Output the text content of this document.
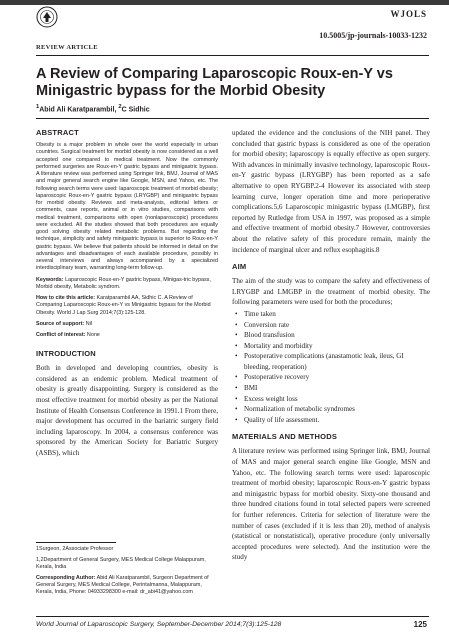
WJOLS
10.5005/jp-journals-10033-1232
REVIEW ARTICLE
A Review of Comparing Laparoscopic Roux-en-Y vs Minigastric bypass for the Morbid Obesity
$^1$Abid Ali Karatparambil, $^2$C Sidhic
ABSTRACT

Obesity is a major problem in whole over the world especially in urban countries. Surgical treatment for morbid obesity is now considered as a well accepted one compared to medical treatment. Now the commonly performed surgeries are Roux-en-Y gastric bypass and minigastric bypass. A literature review was performed using Springer link, BMJ, Journal of MAS and major general search engine like Google, MSN, and Yahoo, etc. The following search terms were used: laparoscopic treatment of morbid obesity; laparoscopic Roux-en-Y gastric bypass (LRYGBP) and minigastric bypass for morbid obesity. Reviews and meta-analysis, editorial letters or comments, case reports, animal or in vitro studies, comparisons with medical treatment, comparisons with open (nonlaparoscopic) procedures were excluded. All the studies showed that both procedures are equally good solving obesity related metabolic problems. But regarding the technique, simplicity and safety minigastric bypass is superior to Roux-en-Y gastric bypass. We believe that patients should be informed in detail on the advantages and disadvantages of each available procedure, possibly in several interviews and always accompanied by a specialized interdisciplinary team, warranting long-term follow-up.

Keywords: Laparoscopic Roux-en-Y gastric bypass, Minigas-tric bypass, Morbid obesity, Metabolic syndrom.

How to cite this article: Karatparambil AA, Sidhic C. A Review of Comparing Laparoscopic Roux-en-Y vs Minigastric bypass for the Morbid Obesity. World J Lap Surg 2014;7(3):125-128.

Source of support: Nil

Conflict of interest: None

INTRODUCTION

Both in developed and developing countries, obesity is considered as an endemic problem. Medical treatment of obesity is greatly disappointing. Surgery is considered as the most effective treatment for morbid obesity as per the National Institute of Health Consensus Conference in 1991.1 From there, major development has occurred in the bariatric surgery field including laparoscopy. In 2004, a consensus conference was sponsored by the American Society for Bariatric Surgery (ASBS), which

1Surgeon, 2Associate Professor

1,2Department of General Surgery, MES Medical College Malappuram, Kerala, India

Corresponding Author: Abid Ali Karatparambil, Surgeon Department of General Surgery, MES Medical College, Perintalmanna, Malappuram, Kerala, India, Phone: 04933298300 e-mail: dr_abi41@yahoo.com

updated the evidence and the conclusions of the NIH panel. They concluded that gastric bypass is considered as one of the operation for morbid obesity; laparoscopy is equally effective as open surgery. With advances in minimally invasive technology, laparoscopic Roux-en-Y gastric bypass (LRYGBP) has been reported as a safe alternative to open RYGBP.2-4 However its associated with steep learning curve, longer operation time and more perioperative complications.5,6 Laparoscopic minigastric bypass (LMGBP), first reported by Rutledge from USA in 1997, was proposed as a simple and effective treatment of morbid obesity.7 However, controversies about the relative safety of this procedure remain, mainly the incidence of marginal ulcer and reflux esophagitis.8

AIM

The aim of the study was to compare the safety and effectiveness of LRYGBP and LMGBP in the treatment of morbid obesity. The following parameters were used for both the procedures;

• Time taken
• Conversion rate
• Blood transfusion
• Mortality and morbidity
• Postoperative complications (anastamotic leak, ileus, GI bleeding, reoperation)
• Postoperative recovery
• BMI
• Excess weight loss
• Normalization of metabolic syndromes
• Quality of life assessment.
MATERIALS AND METHODS

A literature review was performed using Springer link, BMJ, Journal of MAS and major general search engine like Google, MSN and Yahoo, etc. The following search terms were used: laparoscopic treatment of morbid obesity; laparoscopic Roux-en-Y gastric bypass and minigastric bypass for morbid obesity. Sixty-one thousand and three hundred citations found in total selected papers were screened for further references. Criteria for selection of literature were the number of cases (excluded if it is less than 20), method of analysis (statistical or nonstatistical), operative procedure (only universally accepted procedures were selected). And the institution were the study

World Journal of Laparoscopic Surgery, September-December 2014;7(3):125-128	125
